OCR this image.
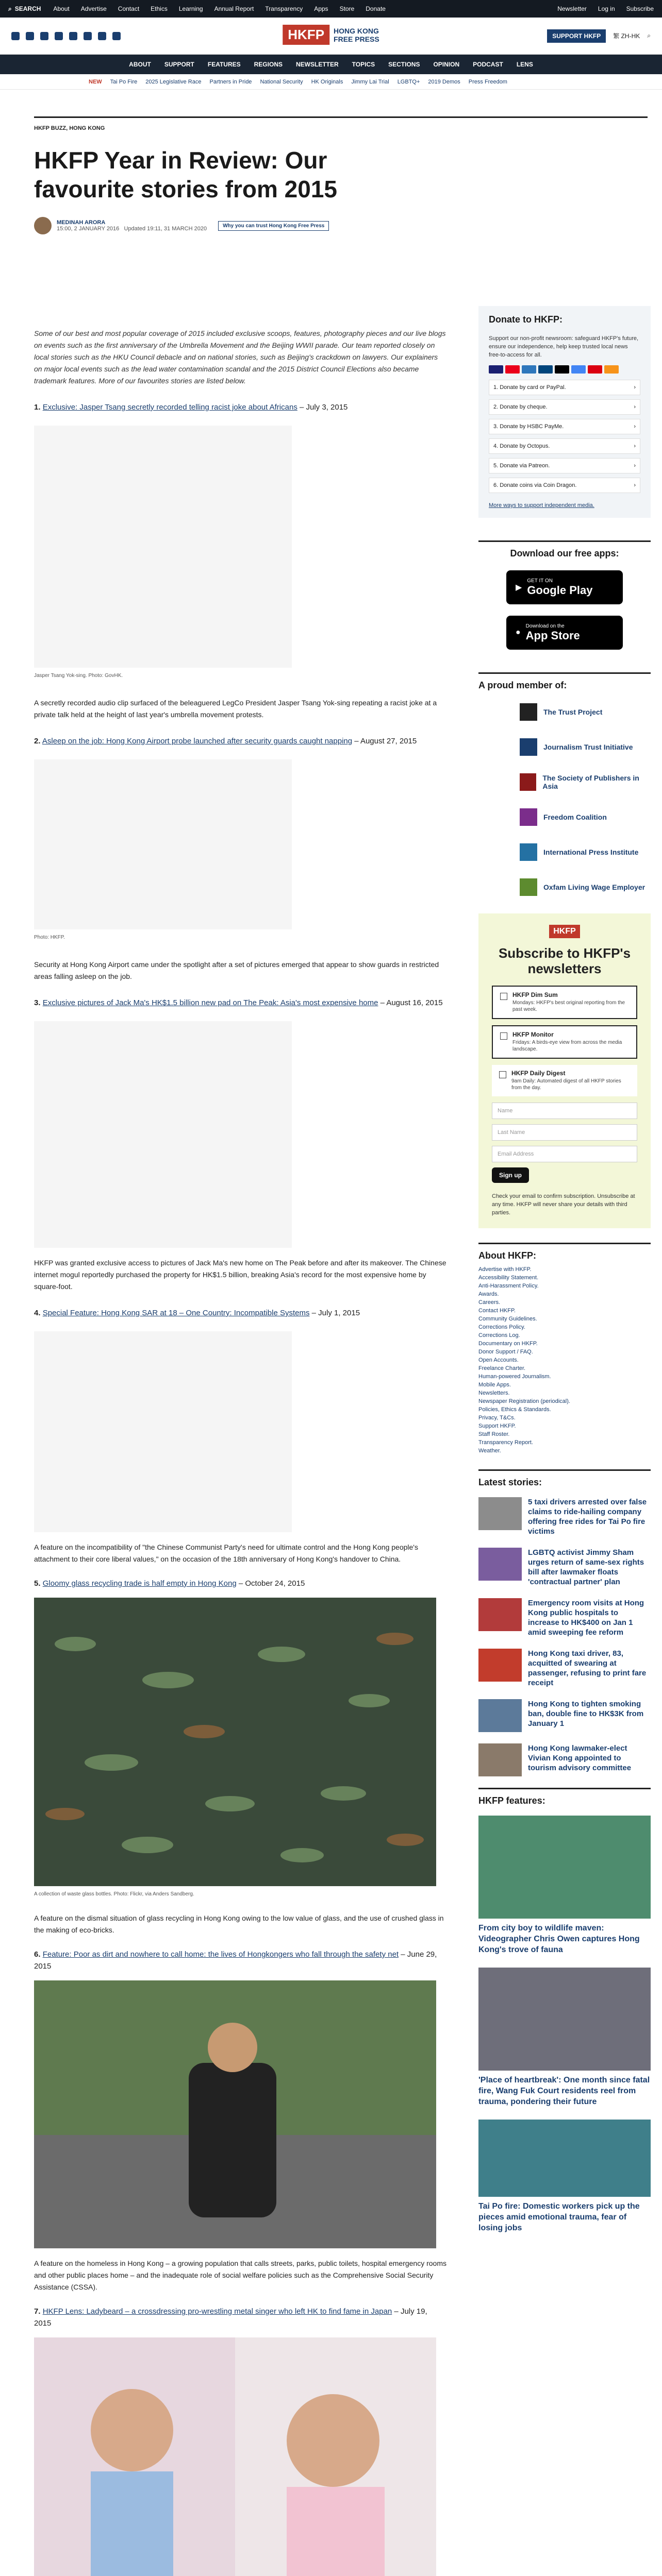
⌕ SEARCH About Advertise Contact Ethics Learning Annual Report Transparency Apps Store Donate	Newsletter Log in Subscribe
HKFP	HONG KONG
FREE PRESS	SUPPORT HKFP	繁 ZH-HK ⌕
ABOUT SUPPORT FEATURES REGIONS NEWSLETTER TOPICS SECTIONS OPINION PODCAST LENS
NEW Tai Po Fire 2025 Legislative Race Partners in Pride National Security HK Originals Jimmy Lai Trial LGBTQ+ 2019 Demos Press Freedom
HKFP BUZZ, HONG KONG
HKFP Year in Review: Our favourite stories from 2015
MEDINAH ARORA
15:00, 2 JANUARY 2016 Updated 19:11, 31 MARCH 2020	Why you can trust Hong Kong Free Press

Some of our best and most popular coverage of 2015 included exclusive scoops, features, photography pieces and our live blogs on events such as the first anniversary of the Umbrella Movement and the Beijing WWII parade. Our team reported closely on local stories such as the HKU Council debacle and on national stories, such as Beijing's crackdown on lawyers. Our explainers on major local events such as the lead water contamination scandal and the 2015 District Council Elections also became trademark features. More of our favourites stories are listed below.

1. Exclusive: Jasper Tsang secretly recorded telling racist joke about Africans – July 3, 2015

Jasper Tsang Yok-sing. Photo: GovHK.

A secretly recorded audio clip surfaced of the beleaguered LegCo President Jasper Tsang Yok-sing repeating a racist joke at a private talk held at the height of last year's umbrella movement protests.

2. Asleep on the job: Hong Kong Airport probe launched after security guards caught napping – August 27, 2015

Photo: HKFP.

Security at Hong Kong Airport came under the spotlight after a set of pictures emerged that appear to show guards in restricted areas falling asleep on the job.

3. Exclusive pictures of Jack Ma's HK$1.5 billion new pad on The Peak: Asia's most expensive home – August 16, 2015

HKFP was granted exclusive access to pictures of Jack Ma's new home on The Peak before and after its makeover. The Chinese internet mogul reportedly purchased the property for HK$1.5 billion, breaking Asia's record for the most expensive home by square-foot.

4. Special Feature: Hong Kong SAR at 18 – One Country: Incompatible Systems – July 1, 2015

A feature on the incompatibility of "the Chinese Communist Party's need for ultimate control and the Hong Kong people's attachment to their core liberal values," on the occasion of the 18th anniversary of Hong Kong's handover to China.

5. Gloomy glass recycling trade is half empty in Hong Kong – October 24, 2015

A collection of waste glass bottles. Photo: Flickr, via Anders Sandberg.

A feature on the dismal situation of glass recycling in Hong Kong owing to the low value of glass, and the use of crushed glass in the making of eco-bricks.

6. Feature: Poor as dirt and nowhere to call home: the lives of Hongkongers who fall through the safety net – June 29, 2015

A feature on the homeless in Hong Kong – a growing population that calls streets, parks, public toilets, hospital emergency rooms and other public places home – and the inadequate role of social welfare policies such as the Comprehensive Social Security Assistance (CSSA).

7. HKFP Lens: Ladybeard – a crossdressing pro-wrestling metal singer who left HK to find fame in Japan – July 19, 2015

Donate to HKFP:

Support our non-profit newsroom: safeguard HKFP's future, ensure our independence, help keep trusted local news free-to-access for all.

1. Donate by card or PayPal.	›
2. Donate by cheque.	›
3. Donate by HSBC PayMe.	›
4. Donate by Octopus.	›
5. Donate via Patreon.	›
6. Donate coins via Coin Dragon.	›

More ways to support independent media.

Download our free apps:
▶
GET IT ON
Google Play
●
Download on the
App Store
A proud member of:
The Trust Project
Journalism Trust Initiative
The Society of Publishers in Asia
Freedom Coalition
International Press Institute
Oxfam Living Wage Employer
HKFP
Subscribe to HKFP's newsletters
HKFP Dim Sum
Mondays: HKFP's best original reporting from the past week.
HKFP Monitor
Fridays: A birds-eye view from across the media landscape.
HKFP Daily Digest
9am Daily: Automated digest of all HKFP stories from the day.
Name
Last Name
Email Address
Sign up

Check your email to confirm subscription. Unsubscribe at any time. HKFP will never share your details with third parties.

About HKFP:
Advertise with HKFP.
Accessibility Statement.
Anti-Harassment Policy.
Awards.
Careers.
Contact HKFP.
Community Guidelines.
Corrections Policy.
Corrections Log.
Documentary on HKFP.
Donor Support / FAQ.
Open Accounts.
Freelance Charter.
Human-powered Journalism.
Mobile Apps.
Newsletters.
Newspaper Registration (periodical).
Policies, Ethics & Standards.
Privacy, T&Cs.
Support HKFP.
Staff Roster.
Transparency Report.
Weather.
Latest stories:
5 taxi drivers arrested over false claims to ride-hailing company offering free rides for Tai Po fire victims
LGBTQ activist Jimmy Sham urges return of same-sex rights bill after lawmaker floats 'contractual partner' plan
Emergency room visits at Hong Kong public hospitals to increase to HK$400 on Jan 1 amid sweeping fee reform
Hong Kong taxi driver, 83, acquitted of swearing at passenger, refusing to print fare receipt
Hong Kong to tighten smoking ban, double fine to HK$3K from January 1
Hong Kong lawmaker-elect Vivian Kong appointed to tourism advisory committee
HKFP features:
From city boy to wildlife maven: Videographer Chris Owen captures Hong Kong's trove of fauna
'Place of heartbreak': One month since fatal fire, Wang Fuk Court residents reel from trauma, pondering their future
Tai Po fire: Domestic workers pick up the pieces amid emotional trauma, fear of losing jobs
